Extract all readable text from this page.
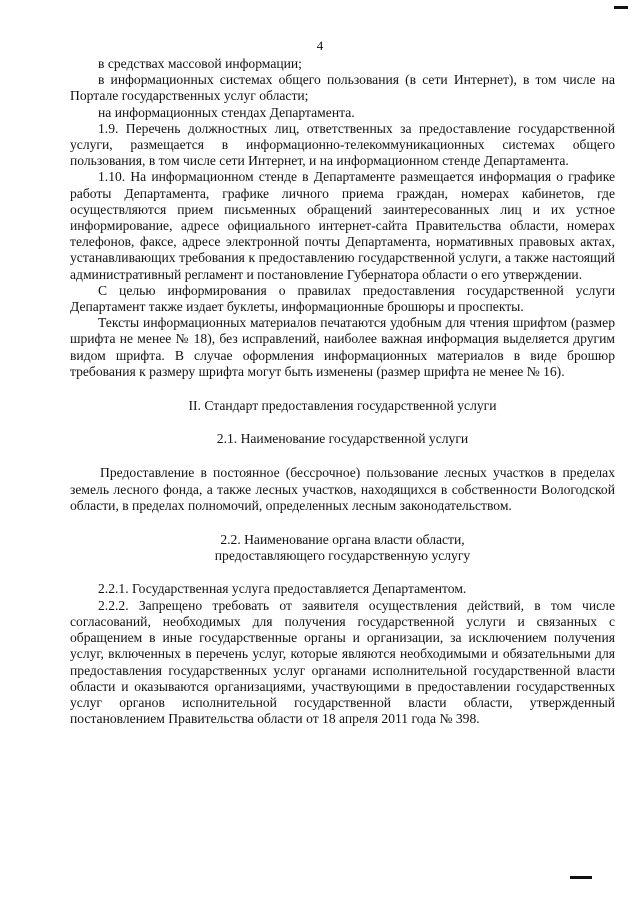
4

в средствах массовой информации;

в информационных системах общего пользования (в сети Интернет), в том числе на Портале государственных услуг области;

на информационных стендах Департамента.

1.9. Перечень должностных лиц, ответственных за предоставление государственной услуги, размещается в информационно-телекоммуникационных системах общего пользования, в том числе сети Интернет, и на информационном стенде Департамента.

1.10. На информационном стенде в Департаменте размещается информация о графике работы Департамента, графике личного приема граждан, номерах кабинетов, где осуществляются прием письменных обращений заинтересованных лиц и их устное информирование, адресе официального интернет-сайта Правительства области, номерах телефонов, факсе, адресе электронной почты Департамента, нормативных правовых актах, устанавливающих требования к предоставлению государственной услуги, а также настоящий административный регламент и постановление Губернатора области о его утверждении.

С целью информирования о правилах предоставления государственной услуги Департамент также издает буклеты, информационные брошюры и проспекты.

Тексты информационных материалов печатаются удобным для чтения шрифтом (размер шрифта не менее № 18), без исправлений, наиболее важная информация выделяется другим видом шрифта. В случае оформления информационных материалов в виде брошюр требования к размеру шрифта могут быть изменены (размер шрифта не менее № 16).

II. Стандарт предоставления государственной услуги

2.1. Наименование государственной услуги

Предоставление в постоянное (бессрочное) пользование лесных участков в пределах земель лесного фонда, а также лесных участков, находящихся в собственности Вологодской области, в пределах полномочий, определенных лесным законодательством.

2.2. Наименование органа власти области,

предоставляющего государственную услугу

2.2.1. Государственная услуга предоставляется Департаментом.

2.2.2. Запрещено требовать от заявителя осуществления действий, в том числе согласований, необходимых для получения государственной услуги и связанных с обращением в иные государственные органы и организации, за исключением получения услуг, включенных в перечень услуг, которые являются необходимыми и обязательными для предоставления государственных услуг органами исполнительной государственной власти области и оказываются организациями, участвующими в предоставлении государственных услуг органов исполнительной государственной власти области, утвержденный постановлением Правительства области от 18 апреля 2011 года № 398.
